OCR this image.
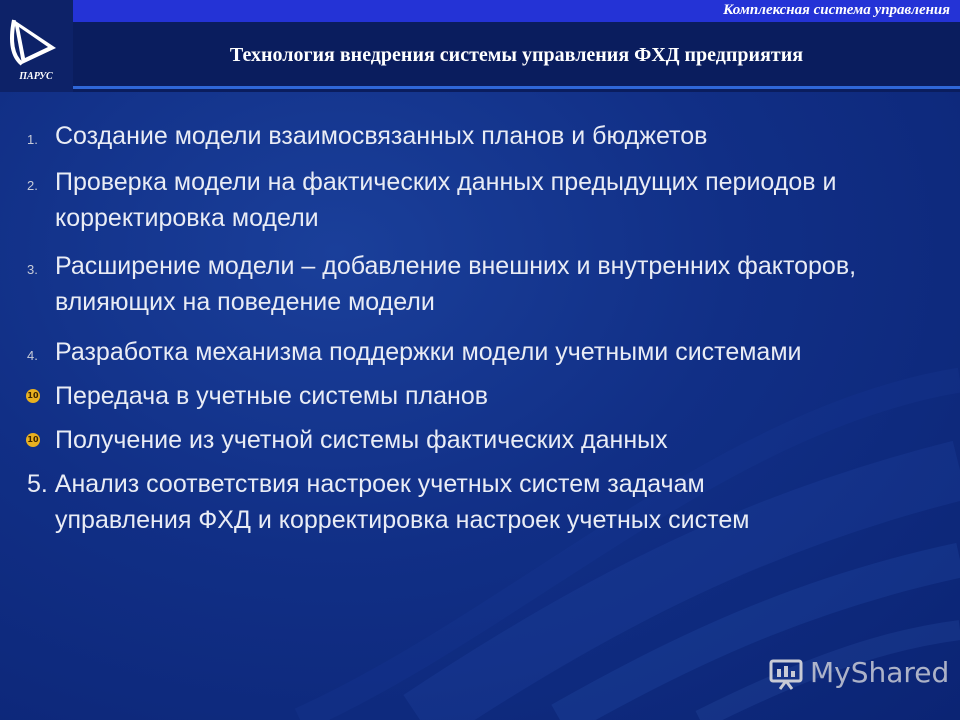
ПАРУС
Комплексная система управления
Технология внедрения системы управления ФХД предприятия
1. Создание модели взаимосвязанных планов и бюджетов
2. Проверка модели на фактических данных предыдущих периодов и корректировка модели
3. Расширение модели – добавление внешних и внутренних факторов, влияющих на поведение модели
4. Разработка механизма поддержки модели учетными системами
10 Передача в учетные системы планов
10 Получение из учетной системы фактических данных
5. Анализ соответствия настроек учетных систем задачам
управления ФХД и корректировка настроек учетных систем
MyShared
